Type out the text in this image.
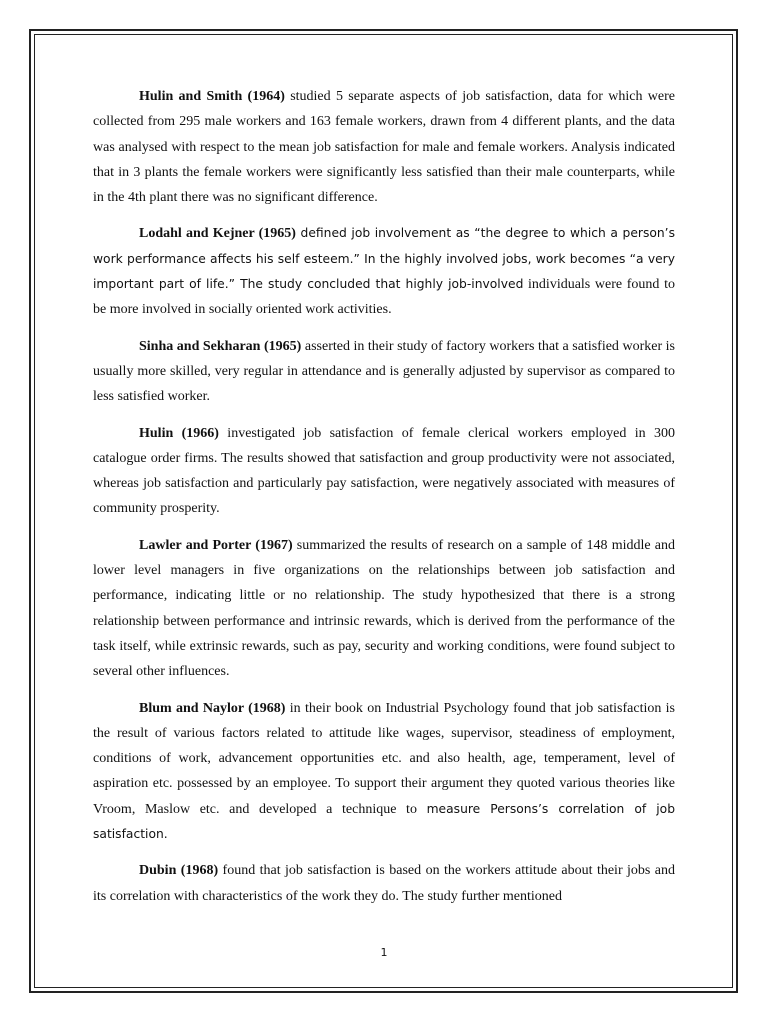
Hulin and Smith (1964) studied 5 separate aspects of job satisfaction, data for which were collected from 295 male workers and 163 female workers, drawn from 4 different plants, and the data was analysed with respect to the mean job satisfaction for male and female workers. Analysis indicated that in 3 plants the female workers were significantly less satisfied than their male counterparts, while in the 4th plant there was no significant difference.

Lodahl and Kejner (1965) defined job involvement as “the degree to which a person’s work performance affects his self esteem.” In the highly involved jobs, work becomes “a very important part of life.” The study concluded that highly job-involved individuals were found to be more involved in socially oriented work activities.

Sinha and Sekharan (1965) asserted in their study of factory workers that a satisfied worker is usually more skilled, very regular in attendance and is generally adjusted by supervisor as compared to less satisfied worker.

Hulin (1966) investigated job satisfaction of female clerical workers employed in 300 catalogue order firms. The results showed that satisfaction and group productivity were not associated, whereas job satisfaction and particularly pay satisfaction, were negatively associated with measures of community prosperity.

Lawler and Porter (1967) summarized the results of research on a sample of 148 middle and lower level managers in five organizations on the relationships between job satisfaction and performance, indicating little or no relationship. The study hypothesized that there is a strong relationship between performance and intrinsic rewards, which is derived from the performance of the task itself, while extrinsic rewards, such as pay, security and working conditions, were found subject to several other influences.

Blum and Naylor (1968) in their book on Industrial Psychology found that job satisfaction is the result of various factors related to attitude like wages, supervisor, steadiness of employment, conditions of work, advancement opportunities etc. and also health, age, temperament, level of aspiration etc. possessed by an employee. To support their argument they quoted various theories like Vroom, Maslow etc. and developed a technique to measure Persons’s correlation of job satisfaction.

Dubin (1968) found that job satisfaction is based on the workers attitude about their jobs and its correlation with characteristics of the work they do. The study further mentioned

1
